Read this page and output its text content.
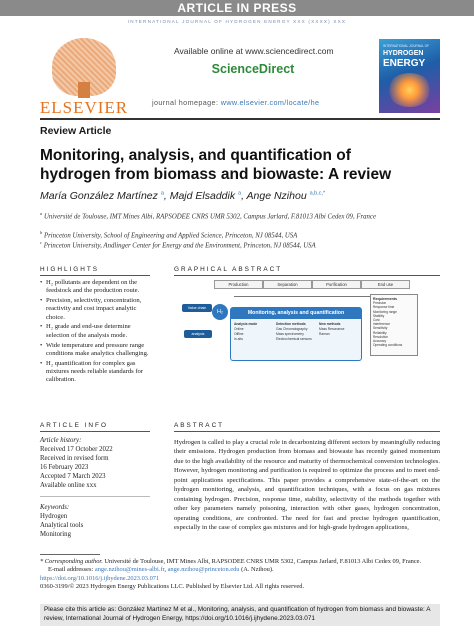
ARTICLE IN PRESS
INTERNATIONAL JOURNAL OF HYDROGEN ENERGY XXX (XXXX) XXX
ELSEVIER
Available online at www.sciencedirect.com
ScienceDirect
journal homepage: www.elsevier.com/locate/he
INTERNATIONAL JOURNAL OF
HYDROGEN
ENERGY
Review Article
Monitoring, analysis, and quantification of
hydrogen from biomass and biowaste: A review
María González Martínez $^a$, Majd Elsaddik $^a$, Ange Nzihou $^{a,b,c,*}$
$^a$ Université de Toulouse, IMT Mines Albi, RAPSODEE CNRS UMR 5302, Campus Jarlard, F.81013 Albi Cedex 09, France
$^b$ Princeton University, School of Engineering and Applied Science, Princeton, NJ 08544, USA
$^c$ Princeton University, Andlinger Center for Energy and the Environment, Princeton, NJ 08544, USA
HIGHLIGHTS
• H₂ pollutants are dependent on the feedstock and the production route.
• Precision, selectivity, concentration, reactivity and cost impact analytic choice.
• H₂ grade and end-use determine selection of the analysis mode.
• Wide temperature and pressure range conditions make analytics challenging.
• H₂ quantification for complex gas mixtures needs reliable standards for calibration.
GRAPHICAL ABSTRACT
Production	Separation	Purification	End use
Value chain
analysis
H₂	Monitoring, analysis and quantification
Analysis mode
Online
Offline
In-situ
Detection methods
Gas Chromatography
Mass spectrometry
Electrochemical sensors
New methods
Mass Resonance
Raman
Requirements
Precision
Response time
Monitoring range
Stability
Cost
Interference
Sensitivity
Reliability
Resolution
Accuracy
Operating conditions
ARTICLE INFO
Article history:
Received 17 October 2022
Received in revised form
16 February 2023
Accepted 7 March 2023
Available online xxx
Keywords:
Hydrogen
Analytical tools
Monitoring
ABSTRACT
Hydrogen is called to play a crucial role in decarbonizing different sectors by meaningfully reducing their emissions. Hydrogen production from biomass and biowaste has recently gained momentum due to the high availability of the resource and maturity of thermochemical conversion technologies. However, hydrogen monitoring and purification is required to optimize the process and to meet end-point applications specifications. This paper provides a comprehensive state-of-the-art on the hydrogen monitoring, analysis, and quantification techniques, with a focus on gas mixtures containing hydrogen. Precision, response time, stability, selectivity of the methods together with other key parameters namely poisoning, interaction with other gases, hydrogen concentration, operating conditions, are confronted. The need for fast and precise hydrogen quantification, especially in the case of complex gas mixtures and for high-grade hydrogen applications,
* Corresponding author. Université de Toulouse, IMT Mines Albi, RAPSODEE CNRS UMR 5302, Campus Jarlard, F.81013 Albi Cedex 09, France.
E-mail addresses: ange.nzihou@mines-albi.fr, ange.nzihou@princeton.edu (A. Nzihou).
https://doi.org/10.1016/j.ijhydene.2023.03.071
0360-3199/© 2023 Hydrogen Energy Publications LLC. Published by Elsevier Ltd. All rights reserved.
Please cite this article as: González Martínez M et al., Monitoring, analysis, and quantification of hydrogen from biomass and biowaste: A review, International Journal of Hydrogen Energy, https://doi.org/10.1016/j.ijhydene.2023.03.071
